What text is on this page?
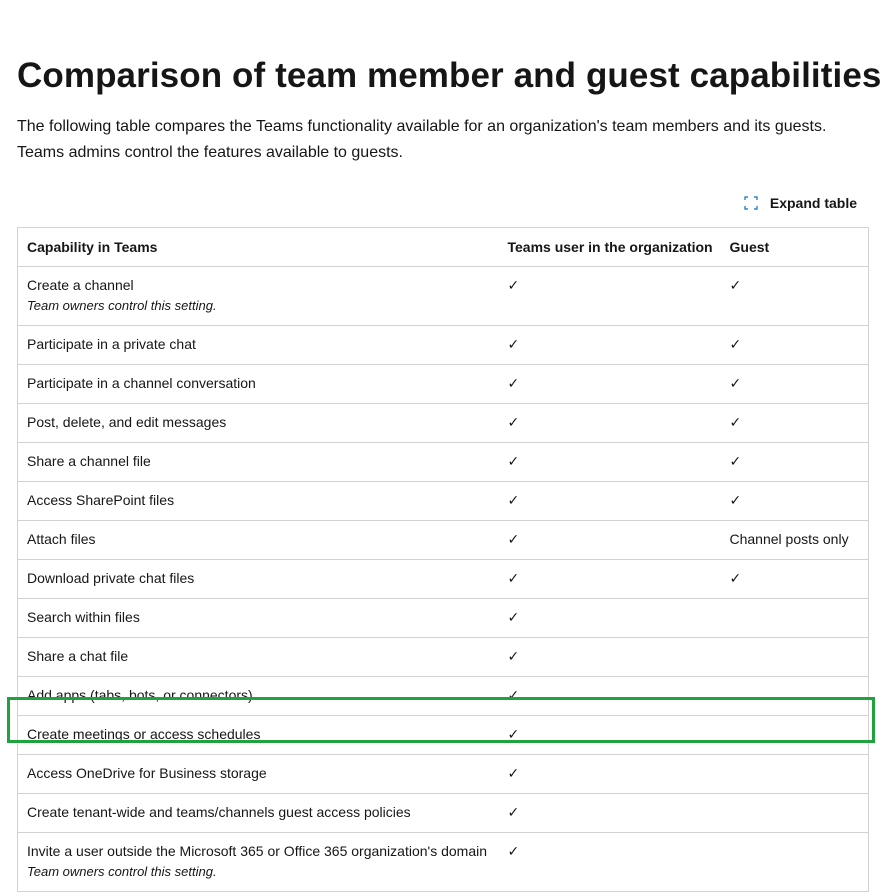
Comparison of team member and guest capabilities

The following table compares the Teams functionality available for an organization's team members and its guests. Teams admins control the features available to guests.

Expand table
Capability in Teams	Teams user in the organization	Guest

Create a channel
Team owners control this setting.	✓	✓

Participate in a private chat	✓	✓

Participate in a channel conversation	✓	✓

Post, delete, and edit messages	✓	✓

Share a channel file	✓	✓

Access SharePoint files	✓	✓

Attach files	✓	Channel posts only

Download private chat files	✓	✓

Search within files	✓	

Share a chat file	✓	

Add apps (tabs, bots, or connectors)	✓	

Create meetings or access schedules	✓	

Access OneDrive for Business storage	✓	

Create tenant-wide and teams/channels guest access policies	✓	

Invite a user outside the Microsoft 365 or Office 365 organization's domain
Team owners control this setting.	✓	
